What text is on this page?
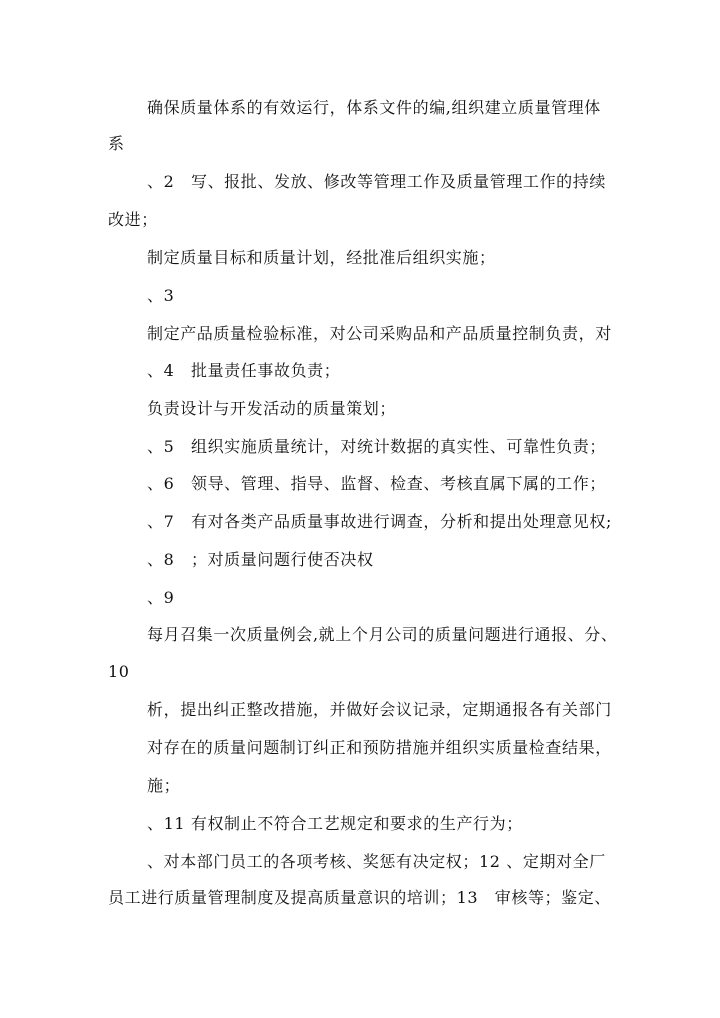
确保质量体系的有效运行，体系文件的编,组织建立质量管理体
系
、2　写、报批、发放、修改等管理工作及质量管理工作的持续
改进；
制定质量目标和质量计划，经批准后组织实施；
、3
制定产品质量检验标准，对公司采购品和产品质量控制负责，对
、4　批量责任事故负责；
负责设计与开发活动的质量策划；
、5　组织实施质量统计，对统计数据的真实性、可靠性负责；
、6　领导、管理、指导、监督、检查、考核直属下属的工作；
、7　有对各类产品质量事故进行调查，分析和提出处理意见权;
、8　；对质量问题行使否决权
、9
每月召集一次质量例会,就上个月公司的质量问题进行通报、分、
10
析，提出纠正整改措施，并做好会议记录，定期通报各有关部门
对存在的质量问题制订纠正和预防措施并组织实质量检查结果，
施；
、11 有权制止不符合工艺规定和要求的生产行为；
、对本部门员工的各项考核、奖惩有决定权；12 、定期对全厂
员工进行质量管理制度及提高质量意识的培训；13　审核等；鉴定、
